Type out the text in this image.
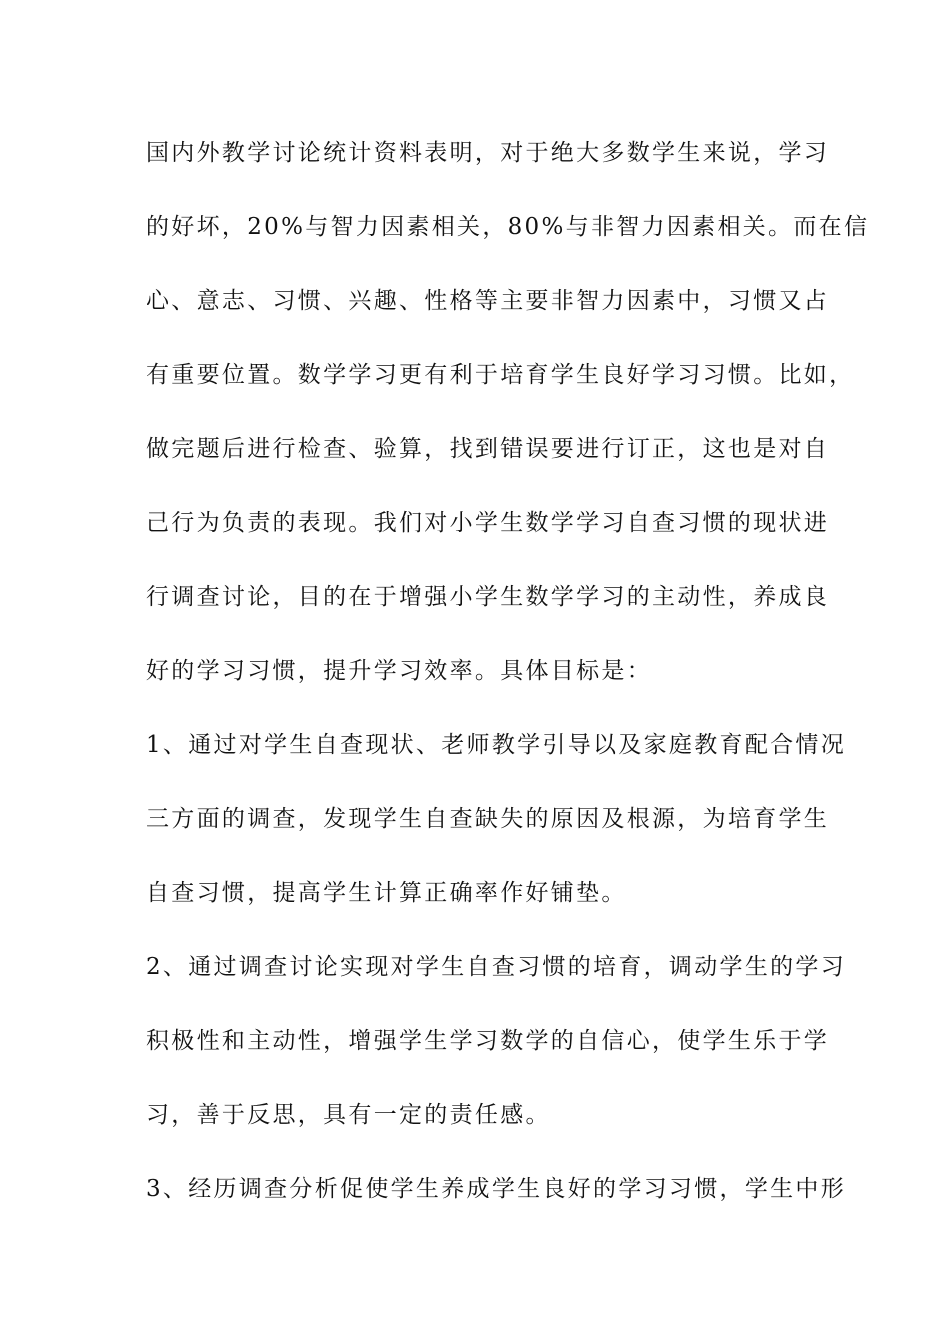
国内外教学讨论统计资料表明，对于绝大多数学生来说，学习
的好坏，20%与智力因素相关，80%与非智力因素相关。而在信
心、意志、习惯、兴趣、性格等主要非智力因素中，习惯又占
有重要位置。数学学习更有利于培育学生良好学习习惯。比如，
做完题后进行检查、验算，找到错误要进行订正，这也是对自
己行为负责的表现。我们对小学生数学学习自查习惯的现状进
行调查讨论，目的在于增强小学生数学学习的主动性，养成良
好的学习习惯，提升学习效率。具体目标是：
1、通过对学生自查现状、老师教学引导以及家庭教育配合情况
三方面的调查，发现学生自查缺失的原因及根源，为培育学生
自查习惯，提高学生计算正确率作好铺垫。
2、通过调查讨论实现对学生自查习惯的培育，调动学生的学习
积极性和主动性，增强学生学习数学的自信心，使学生乐于学
习，善于反思，具有一定的责任感。
3、经历调查分析促使学生养成学生良好的学习习惯，学生中形
